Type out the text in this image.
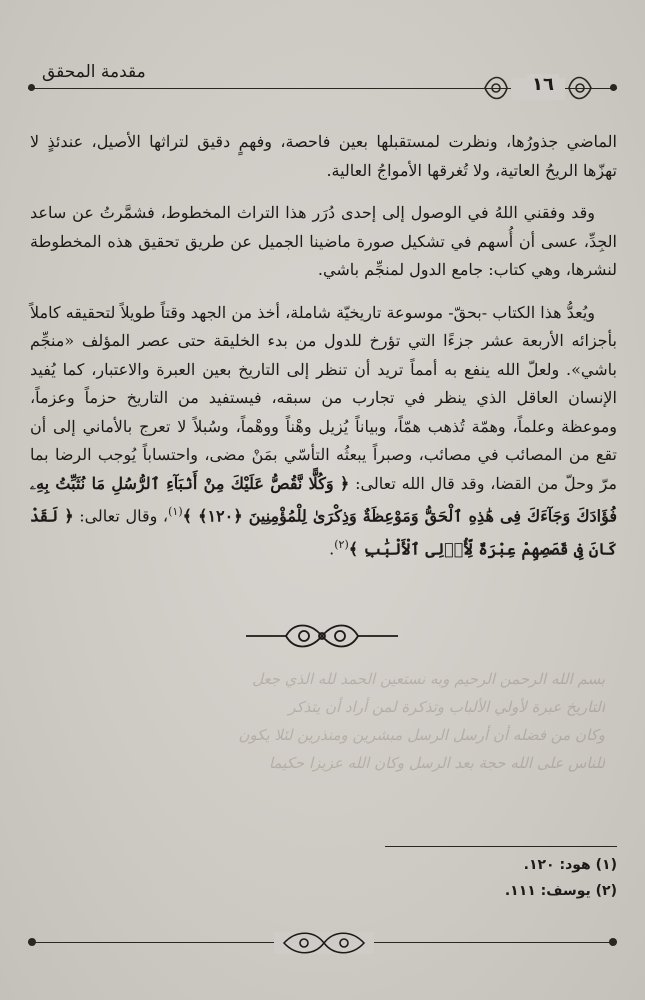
مقدمة المحقق
١٦

الماضي جذورُها، ونظرت لمستقبلها بعين فاحصة، وفهمٍ دقيق لتراثها الأصيل، عندئذٍ لا تهزّها الريحُ العاتية، ولا تُغرقها الأمواجُ العالية.

وقد وفقني اللهُ في الوصول إلى إحدى دُرَر هذا التراث المخطوط، فشمَّرتُ عن ساعد الجِدِّ، عسى أن أُسهم في تشكيل صورة ماضينا الجميل عن طريق تحقيق هذه المخطوطة لنشرها، وهي كتاب: جامع الدول لمنجِّم باشي.

ويُعدُّ هذا الكتاب -بحقّ- موسوعة تاريخيّة شاملة، أخذ من الجهد وقتاً طويلاً لتحقيقه كاملاً بأجزائه الأربعة عشر جزءًا التي تؤرخ للدول من بدء الخليقة حتى عصر المؤلف «منجِّم باشي». ولعلّ الله ينفع به أمماً تريد أن تنظر إلى التاريخ بعين العبرة والاعتبار، كما يُفيد الإنسان العاقل الذي ينظر في تجارب من سبقه، فيستفيد من التاريخ حزماً وعزماً، وموعظة وعلماً، وهمّة تُذهب همّاً، وبياناً يُزيل وهْناً ووهْماً، وسُبلاً لا تعرج بالأماني إلى أن تقع من المصائب في مصائب، وصبراً يبعثُه التأسّي بمَنْ مضى، واحتساباً يُوجب الرضا بما مرّ وحلّ من القضا، وقد قال الله تعالى: ﴿ وَكُلًّا نَّقُصُّ عَلَيْكَ مِنْ أَنۢبَآءِ ٱلرُّسُلِ مَا نُثَبِّتُ بِهِۦ فُؤَادَكَ وَجَآءَكَ فِى هَٰذِهِ ٱلْحَقُّ وَمَوْعِظَةٌ وَذِكْرَىٰ لِلْمُؤْمِنِينَ ﴿١٢٠﴾ ﴾$^{(١)}$، وقال تعالى: ﴿ لَقَدْ كَانَ فِى قَصَصِهِمْ عِبْرَةٌ لِّأُو۟لِى ٱلْأَلْبَٰبِ ﴾$^{(٢)}$.

بسم الله الرحمن الرحيم وبه نستعين الحمد لله الذي جعل
التاريخ عبرة لأولي الألباب وتذكرة لمن أراد أن يتذكر
وكان من فضله أن أرسل الرسل مبشرين ومنذرين لئلا يكون
للناس على الله حجة بعد الرسل وكان الله عزيزا حكيما
(١) هود: ١٢٠.
(٢) يوسف: ١١١.
